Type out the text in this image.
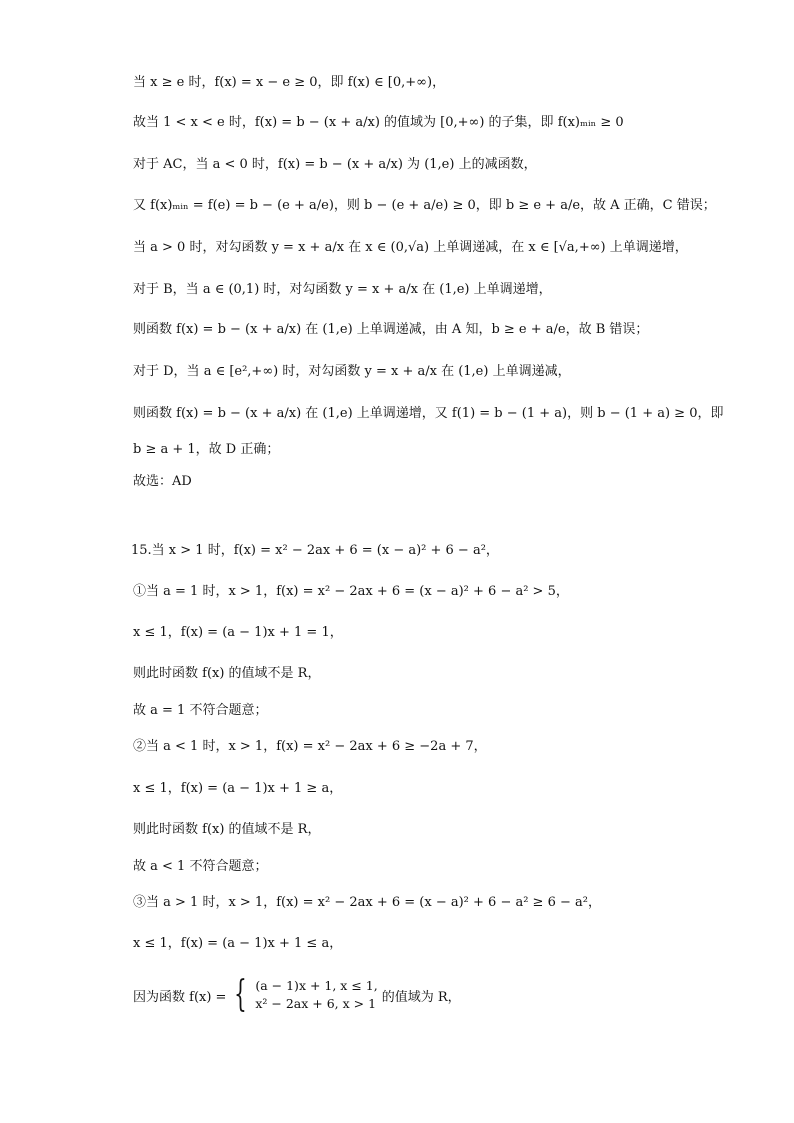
当 x ≥ e 时，f(x) = x − e ≥ 0，即 f(x) ∈ [0,+∞)，
故当 1 < x < e 时，f(x) = b − (x + a/x) 的值域为 [0,+∞) 的子集，即 f(x)ₘᵢₙ ≥ 0
对于 AC，当 a < 0 时，f(x) = b − (x + a/x) 为 (1,e) 上的减函数，
又 f(x)ₘᵢₙ = f(e) = b − (e + a/e)，则 b − (e + a/e) ≥ 0，即 b ≥ e + a/e，故 A 正确，C 错误；
当 a > 0 时，对勾函数 y = x + a/x 在 x ∈ (0,√a) 上单调递减，在 x ∈ [√a,+∞) 上单调递增，
对于 B，当 a ∈ (0,1) 时，对勾函数 y = x + a/x 在 (1,e) 上单调递增，
则函数 f(x) = b − (x + a/x) 在 (1,e) 上单调递减，由 A 知，b ≥ e + a/e，故 B 错误；
对于 D，当 a ∈ [e²,+∞) 时，对勾函数 y = x + a/x 在 (1,e) 上单调递减，
则函数 f(x) = b − (x + a/x) 在 (1,e) 上单调递增，又 f(1) = b − (1 + a)，则 b − (1 + a) ≥ 0，即
b ≥ a + 1，故 D 正确；
故选：AD
15.当 x > 1 时，f(x) = x² − 2ax + 6 = (x − a)² + 6 − a²，
①当 a = 1 时，x > 1，f(x) = x² − 2ax + 6 = (x − a)² + 6 − a² > 5，
x ≤ 1，f(x) = (a − 1)x + 1 = 1，
则此时函数 f(x) 的值域不是 R，
故 a = 1 不符合题意；
②当 a < 1 时，x > 1，f(x) = x² − 2ax + 6 ≥ −2a + 7，
x ≤ 1，f(x) = (a − 1)x + 1 ≥ a，
则此时函数 f(x) 的值域不是 R，
故 a < 1 不符合题意；
③当 a > 1 时，x > 1，f(x) = x² − 2ax + 6 = (x − a)² + 6 − a² ≥ 6 − a²，
x ≤ 1，f(x) = (a − 1)x + 1 ≤ a，
因为函数 f(x) = { (a − 1)x + 1, x ≤ 1,
x² − 2ax + 6, x > 1 的值域为 R，
